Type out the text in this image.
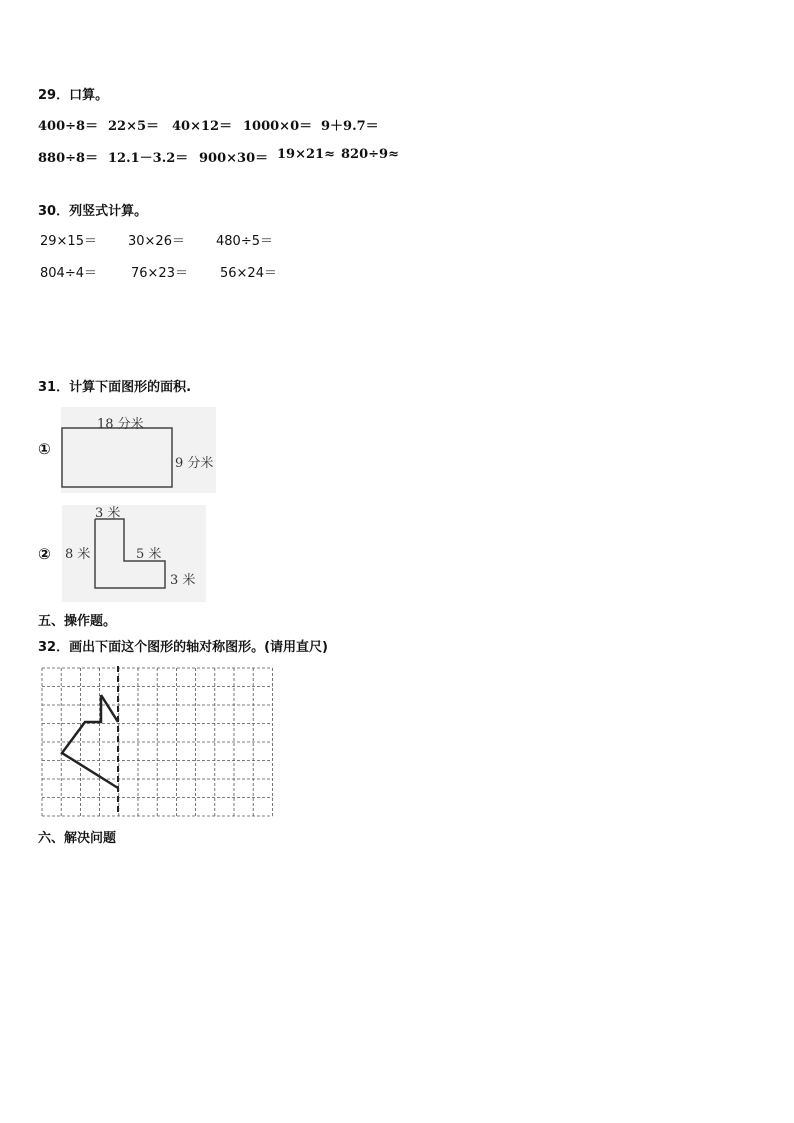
29．口算。
400÷8＝ 22×5＝ 40×12＝ 1000×0＝ 9＋9.7＝
880÷8＝ 12.1－3.2＝ 900×30＝ 19×21≈ 820÷9≈
30．列竖式计算。
29×15＝ 30×26＝ 480÷5＝
804÷4＝	76×23＝ 56×24＝
31．计算下面图形的面积.
①
18 分米
9 分米
②
3 米
8 米	5 米
3 米
五、操作题。
32．画出下面这个图形的轴对称图形。(请用直尺)
六、解决问题
